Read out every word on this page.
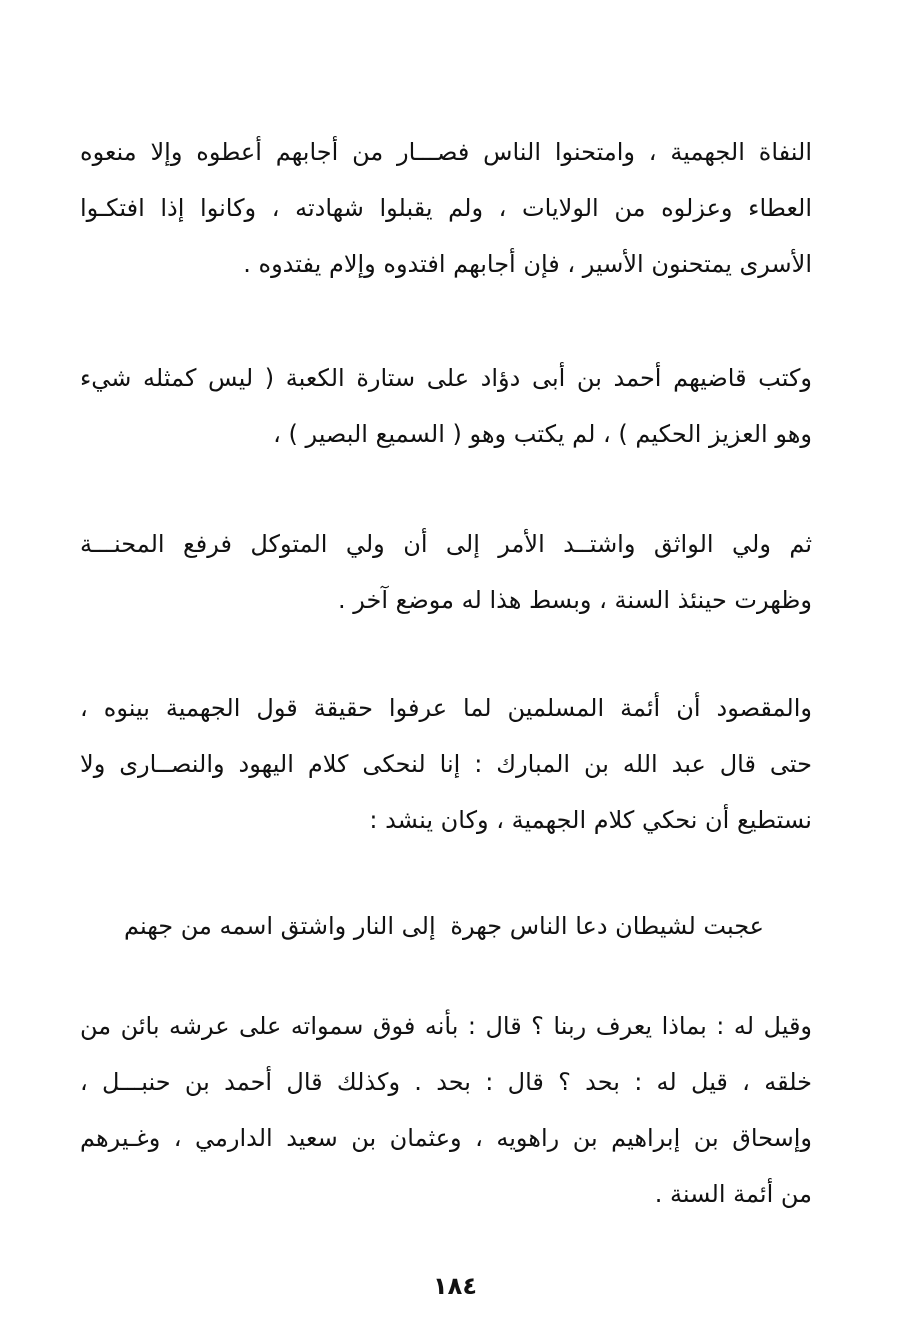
النفاة الجهمية ، وامتحنوا الناس فصـــار من أجابهم أعطوه وإلا منعوه
العطاء وعزلوه من الولايات ، ولم يقبلوا شهادته ، وكانوا إذا افتكـوا
الأسرى يمتحنون الأسير ، فإن أجابهم افتدوه وإلام يفتدوه .
وكتب قاضيهم أحمد بن أبى دؤاد على ستارة الكعبة ( ليس كمثله شيء
وهو العزيز الحكيم ) ، لم يكتب وهو ( السميع البصير ) ،
ثم ولي الواثق واشتــد الأمر إلى أن ولي المتوكل فرفع المحنـــة
وظهرت حينئذ السنة ، وبسط هذا له موضع آخر .
والمقصود أن أئمة المسلمين لما عرفوا حقيقة قول الجهمية بينوه ،
حتى قال عبد الله بن المبارك : إنا لنحكى كلام اليهود والنصــارى ولا
نستطيع أن نحكي كلام الجهمية ، وكان ينشد :
عجبت لشيطان دعا الناس جهرة
إلى النار واشتق اسمه من جهنم
وقيل له : بماذا يعرف ربنا ؟ قال : بأنه فوق سمواته على عرشه بائن من
خلقه ، قيل له : بحد ؟ قال : بحد . وكذلك قال أحمد بن حنبـــل ،
وإسحاق بن إبراهيم بن راهويه ، وعثمان بن سعيد الدارمي ، وغـيرهم
من أئمة السنة .
١٨٤
